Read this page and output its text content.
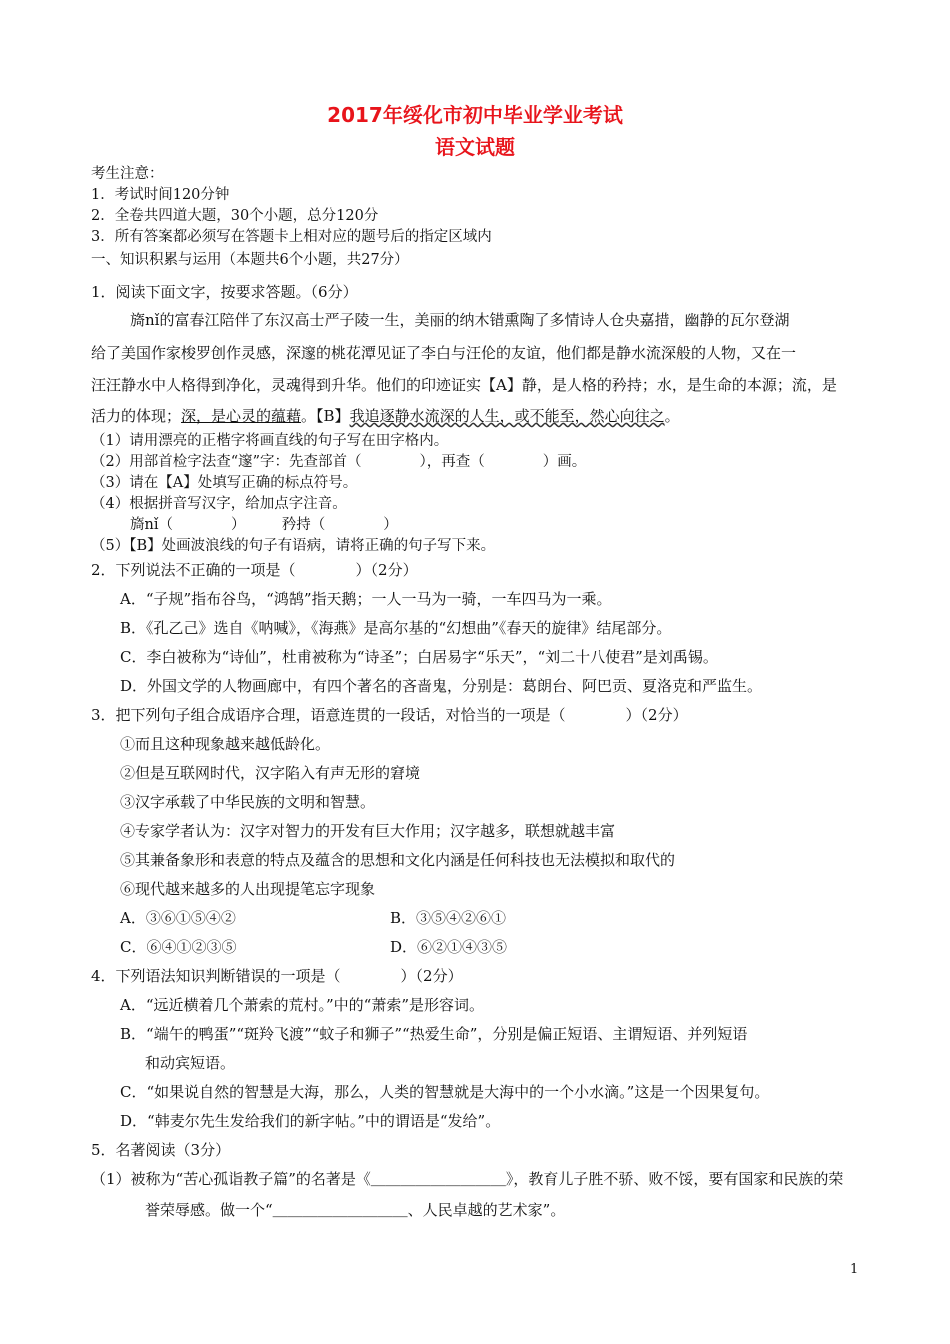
2017年绥化市初中毕业学业考试
语文试题
考生注意：
1．考试时间120分钟
2．全卷共四道大题，30个小题，总分120分
3．所有答案都必须写在答题卡上相对应的题号后的指定区域内
一、知识积累与运用（本题共6个小题，共27分）
1．阅读下面文字，按要求答题。（6分）
旖nǐ的富春江陪伴了东汉高士严子陵一生，美丽的纳木错熏陶了多情诗人仓央嘉措，幽静的瓦尔登湖
给了美国作家梭罗创作灵感，深邃的桃花潭见证了李白与汪伦的友谊，他们都是静水流深般的人物，又在一
汪汪静水中人格得到净化，灵魂得到升华。他们的印迹证实【A】静，是人格的矜持；水，是生命的本源；流，是
活力的体现；深，是心灵的蕴藉。【B】我追逐静水流深的人生，或不能至，然心向往之。
（1）请用漂亮的正楷字将画直线的句子写在田字格内。
（2）用部首检字法查“邃”字：先查部首（　　　　），再查（　　　　）画。
（3）请在【A】处填写正确的标点符号。
（4）根据拼音写汉字，给加点字注音。
旖nǐ（　　　　）　　　矜持（　　　　）
（5）【B】处画波浪线的句子有语病，请将正确的句子写下来。
2．下列说法不正确的一项是（　　　　）（2分）
A．“子规”指布谷鸟，“鸿鹄”指天鹅；一人一马为一骑，一车四马为一乘。
B．《孔乙己》选自《呐喊》，《海燕》是高尔基的“幻想曲”《春天的旋律》结尾部分。
C．李白被称为“诗仙”，杜甫被称为“诗圣”；白居易字“乐天”，“刘二十八使君”是刘禹锡。
D．外国文学的人物画廊中，有四个著名的吝啬鬼，分别是：葛朗台、阿巴贡、夏洛克和严监生。
3．把下列句子组合成语序合理，语意连贯的一段话，对恰当的一项是（　　　　）（2分）
①而且这种现象越来越低龄化。
②但是互联网时代，汉字陷入有声无形的窘境
③汉字承载了中华民族的文明和智慧。
④专家学者认为：汉字对智力的开发有巨大作用；汉字越多，联想就越丰富
⑤其兼备象形和表意的特点及蕴含的思想和文化内涵是任何科技也无法模拟和取代的
⑥现代越来越多的人出现提笔忘字现象
A．③⑥①⑤④②	B．③⑤④②⑥①
C．⑥④①②③⑤	D．⑥②①④③⑤
4．下列语法知识判断错误的一项是（　　　　）（2分）
A．“远近横着几个萧索的荒村。”中的“萧索”是形容词。
B．“端午的鸭蛋”“斑羚飞渡”“蚊子和狮子”“热爱生命”，分别是偏正短语、主谓短语、并列短语
和动宾短语。
C．“如果说自然的智慧是大海，那么，人类的智慧就是大海中的一个小水滴。”这是一个因果复句。
D．“韩麦尔先生发给我们的新字帖。”中的谓语是“发给”。
5．名著阅读（3分）
（1）被称为“苦心孤诣教子篇”的名著是《＿＿＿＿＿＿＿＿＿》，教育儿子胜不骄、败不馁，要有国家和民族的荣
誉荣辱感。做一个“＿＿＿＿＿＿＿＿＿、人民卓越的艺术家”。
1
